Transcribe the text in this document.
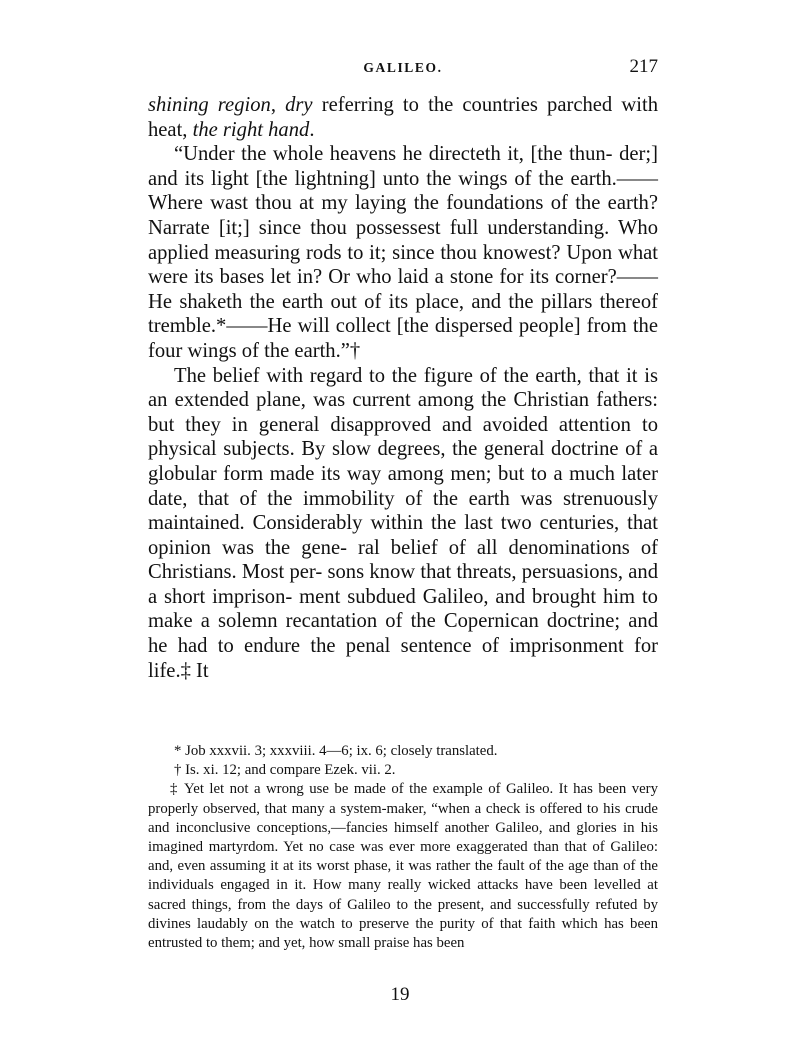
GALILEO.	217

shining region, dry referring to the countries parched with heat, the right hand.

“Under the whole heavens he directeth it, [the thun- der;] and its light [the lightning] unto the wings of the earth.——Where wast thou at my laying the foundations of the earth? Narrate [it;] since thou possessest full understanding. Who applied measuring rods to it; since thou knowest? Upon what were its bases let in? Or who laid a stone for its corner?——He shaketh the earth out of its place, and the pillars thereof tremble.*——He will collect [the dispersed people] from the four wings of the earth.”†

The belief with regard to the figure of the earth, that it is an extended plane, was current among the Christian fathers: but they in general disapproved and avoided attention to physical subjects. By slow degrees, the general doctrine of a globular form made its way among men; but to a much later date, that of the immobility of the earth was strenuously maintained. Considerably within the last two centuries, that opinion was the gene- ral belief of all denominations of Christians. Most per- sons know that threats, persuasions, and a short imprison- ment subdued Galileo, and brought him to make a solemn recantation of the Copernican doctrine; and he had to endure the penal sentence of imprisonment for life.‡ It

* Job xxxvii. 3; xxxviii. 4—6; ix. 6; closely translated.

† Is. xi. 12; and compare Ezek. vii. 2.

‡ Yet let not a wrong use be made of the example of Galileo. It has been very properly observed, that many a system-maker, “when a check is offered to his crude and inconclusive conceptions,—fancies himself another Galileo, and glories in his imagined martyrdom. Yet no case was ever more exaggerated than that of Galileo: and, even assuming it at its worst phase, it was rather the fault of the age than of the individuals engaged in it. How many really wicked attacks have been levelled at sacred things, from the days of Galileo to the present, and successfully refuted by divines laudably on the watch to preserve the purity of that faith which has been entrusted to them; and yet, how small praise has been

19
